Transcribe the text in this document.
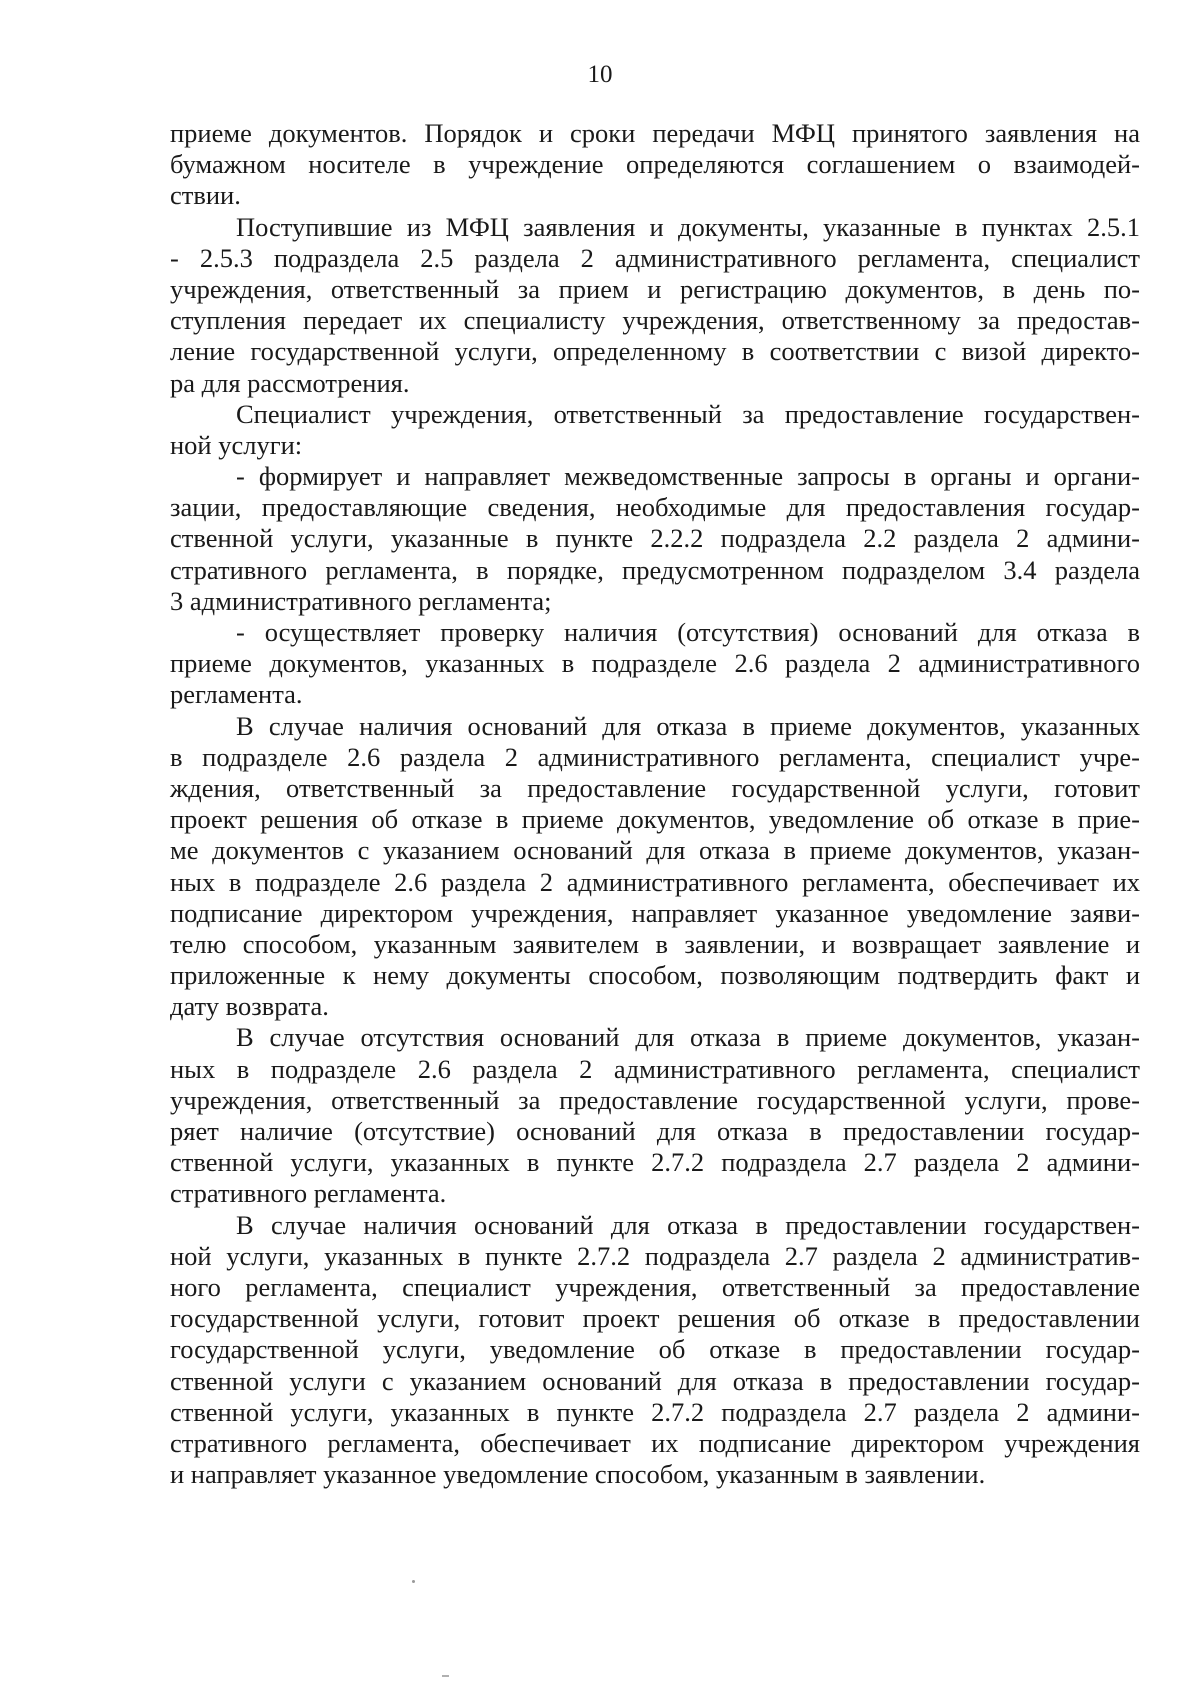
10
приеме документов. Порядок и сроки передачи МФЦ принятого заявления на
бумажном носителе в учреждение определяются соглашением о взаимодей-
ствии.
Поступившие из МФЦ заявления и документы, указанные в пунктах 2.5.1
- 2.5.3 подраздела 2.5 раздела 2 административного регламента, специалист
учреждения, ответственный за прием и регистрацию документов, в день по-
ступления передает их специалисту учреждения, ответственному за предостав-
ление государственной услуги, определенному в соответствии с визой директо-
ра для рассмотрения.
Специалист учреждения, ответственный за предоставление государствен-
ной услуги:
- формирует и направляет межведомственные запросы в органы и органи-
зации, предоставляющие сведения, необходимые для предоставления государ-
ственной услуги, указанные в пункте 2.2.2 подраздела 2.2 раздела 2 админи-
стративного регламента, в порядке, предусмотренном подразделом 3.4 раздела
3 административного регламента;
- осуществляет проверку наличия (отсутствия) оснований для отказа в
приеме документов, указанных в подразделе 2.6 раздела 2 административного
регламента.
В случае наличия оснований для отказа в приеме документов, указанных
в подразделе 2.6 раздела 2 административного регламента, специалист учре-
ждения, ответственный за предоставление государственной услуги, готовит
проект решения об отказе в приеме документов, уведомление об отказе в прие-
ме документов с указанием оснований для отказа в приеме документов, указан-
ных в подразделе 2.6 раздела 2 административного регламента, обеспечивает их
подписание директором учреждения, направляет указанное уведомление заяви-
телю способом, указанным заявителем в заявлении, и возвращает заявление и
приложенные к нему документы способом, позволяющим подтвердить факт и
дату возврата.
В случае отсутствия оснований для отказа в приеме документов, указан-
ных в подразделе 2.6 раздела 2 административного регламента, специалист
учреждения, ответственный за предоставление государственной услуги, прове-
ряет наличие (отсутствие) оснований для отказа в предоставлении государ-
ственной услуги, указанных в пункте 2.7.2 подраздела 2.7 раздела 2 админи-
стративного регламента.
В случае наличия оснований для отказа в предоставлении государствен-
ной услуги, указанных в пункте 2.7.2 подраздела 2.7 раздела 2 административ-
ного регламента, специалист учреждения, ответственный за предоставление
государственной услуги, готовит проект решения об отказе в предоставлении
государственной услуги, уведомление об отказе в предоставлении государ-
ственной услуги с указанием оснований для отказа в предоставлении государ-
ственной услуги, указанных в пункте 2.7.2 подраздела 2.7 раздела 2 админи-
стративного регламента, обеспечивает их подписание директором учреждения
и направляет указанное уведомление способом, указанным в заявлении.
